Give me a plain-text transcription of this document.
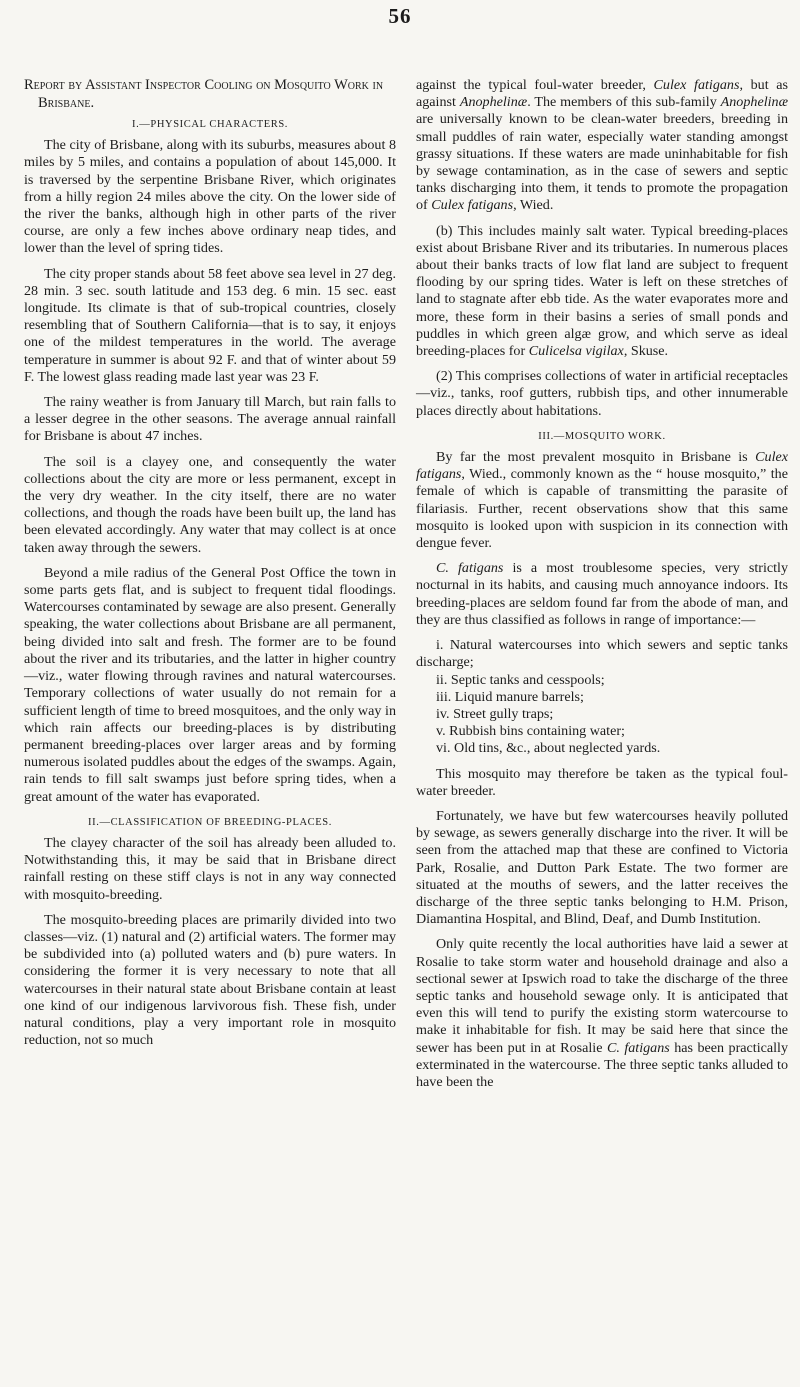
56
Report by Assistant Inspector Cooling on Mosquito Work in Brisbane.
I.—PHYSICAL CHARACTERS.

The city of Brisbane, along with its suburbs, measures about 8 miles by 5 miles, and contains a population of about 145,000. It is traversed by the serpentine Brisbane River, which originates from a hilly region 24 miles above the city. On the lower side of the river the banks, although high in other parts of the river course, are only a few inches above ordinary neap tides, and lower than the level of spring tides.

The city proper stands about 58 feet above sea level in 27 deg. 28 min. 3 sec. south latitude and 153 deg. 6 min. 15 sec. east longitude. Its climate is that of sub-tropical countries, closely resembling that of Southern California—that is to say, it enjoys one of the mildest temperatures in the world. The average temperature in summer is about 92 F. and that of winter about 59 F. The lowest glass reading made last year was 23 F.

The rainy weather is from January till March, but rain falls to a lesser degree in the other seasons. The average annual rainfall for Brisbane is about 47 inches.

The soil is a clayey one, and consequently the water collections about the city are more or less permanent, except in the very dry weather. In the city itself, there are no water collections, and though the roads have been built up, the land has been elevated accordingly. Any water that may collect is at once taken away through the sewers.

Beyond a mile radius of the General Post Office the town in some parts gets flat, and is subject to frequent tidal floodings. Watercourses contaminated by sewage are also present. Generally speaking, the water collections about Brisbane are all permanent, being divided into salt and fresh. The former are to be found about the river and its tributaries, and the latter in higher country—viz., water flowing through ravines and natural watercourses. Temporary collections of water usually do not remain for a sufficient length of time to breed mosquitoes, and the only way in which rain affects our breeding-places is by distributing permanent breeding-places over larger areas and by forming numerous isolated puddles about the edges of the swamps. Again, rain tends to fill salt swamps just before spring tides, when a great amount of the water has evaporated.

II.—CLASSIFICATION OF BREEDING-PLACES.

The clayey character of the soil has already been alluded to. Notwithstanding this, it may be said that in Brisbane direct rainfall resting on these stiff clays is not in any way connected with mosquito-breeding.

The mosquito-breeding places are primarily divided into two classes—viz. (1) natural and (2) artificial waters. The former may be subdivided into (a) polluted waters and (b) pure waters. In considering the former it is very necessary to note that all watercourses in their natural state about Brisbane contain at least one kind of our indigenous larvivorous fish. These fish, under natural conditions, play a very important role in mosquito reduction, not so much

against the typical foul-water breeder, Culex fatigans, but as against Anophelinæ. The members of this sub-family Anophelinæ are universally known to be clean-water breeders, breeding in small puddles of rain water, especially water standing amongst grassy situations. If these waters are made uninhabitable for fish by sewage contamination, as in the case of sewers and septic tanks discharging into them, it tends to promote the propagation of Culex fatigans, Wied.

(b) This includes mainly salt water. Typical breeding-places exist about Brisbane River and its tributaries. In numerous places about their banks tracts of low flat land are subject to frequent flooding by our spring tides. Water is left on these stretches of land to stagnate after ebb tide. As the water evaporates more and more, these form in their basins a series of small ponds and puddles in which green algæ grow, and which serve as ideal breeding-places for Culicelsa vigilax, Skuse.

(2) This comprises collections of water in artificial receptacles—viz., tanks, roof gutters, rubbish tips, and other innumerable places directly about habitations.

III.—MOSQUITO WORK.

By far the most prevalent mosquito in Brisbane is Culex fatigans, Wied., commonly known as the “ house mosquito,” the female of which is capable of transmitting the parasite of filariasis. Further, recent observations show that this same mosquito is looked upon with suspicion in its connection with dengue fever.

C. fatigans is a most troublesome species, very strictly nocturnal in its habits, and causing much annoyance indoors. Its breeding-places are seldom found far from the abode of man, and they are thus classified as follows in range of importance:—

i. Natural watercourses into which sewers and septic tanks discharge;
ii. Septic tanks and cesspools;
iii. Liquid manure barrels;
iv. Street gully traps;
v. Rubbish bins containing water;
vi. Old tins, &c., about neglected yards.

This mosquito may therefore be taken as the typical foul-water breeder.

Fortunately, we have but few watercourses heavily polluted by sewage, as sewers generally discharge into the river. It will be seen from the attached map that these are confined to Victoria Park, Rosalie, and Dutton Park Estate. The two former are situated at the mouths of sewers, and the latter receives the discharge of the three septic tanks belonging to H.M. Prison, Diamantina Hospital, and Blind, Deaf, and Dumb Institution.

Only quite recently the local authorities have laid a sewer at Rosalie to take storm water and household drainage and also a sectional sewer at Ipswich road to take the discharge of the three septic tanks and household sewage only. It is anticipated that even this will tend to purify the existing storm watercourse to make it inhabitable for fish. It may be said here that since the sewer has been put in at Rosalie C. fatigans has been practically exterminated in the watercourse. The three septic tanks alluded to have been the
